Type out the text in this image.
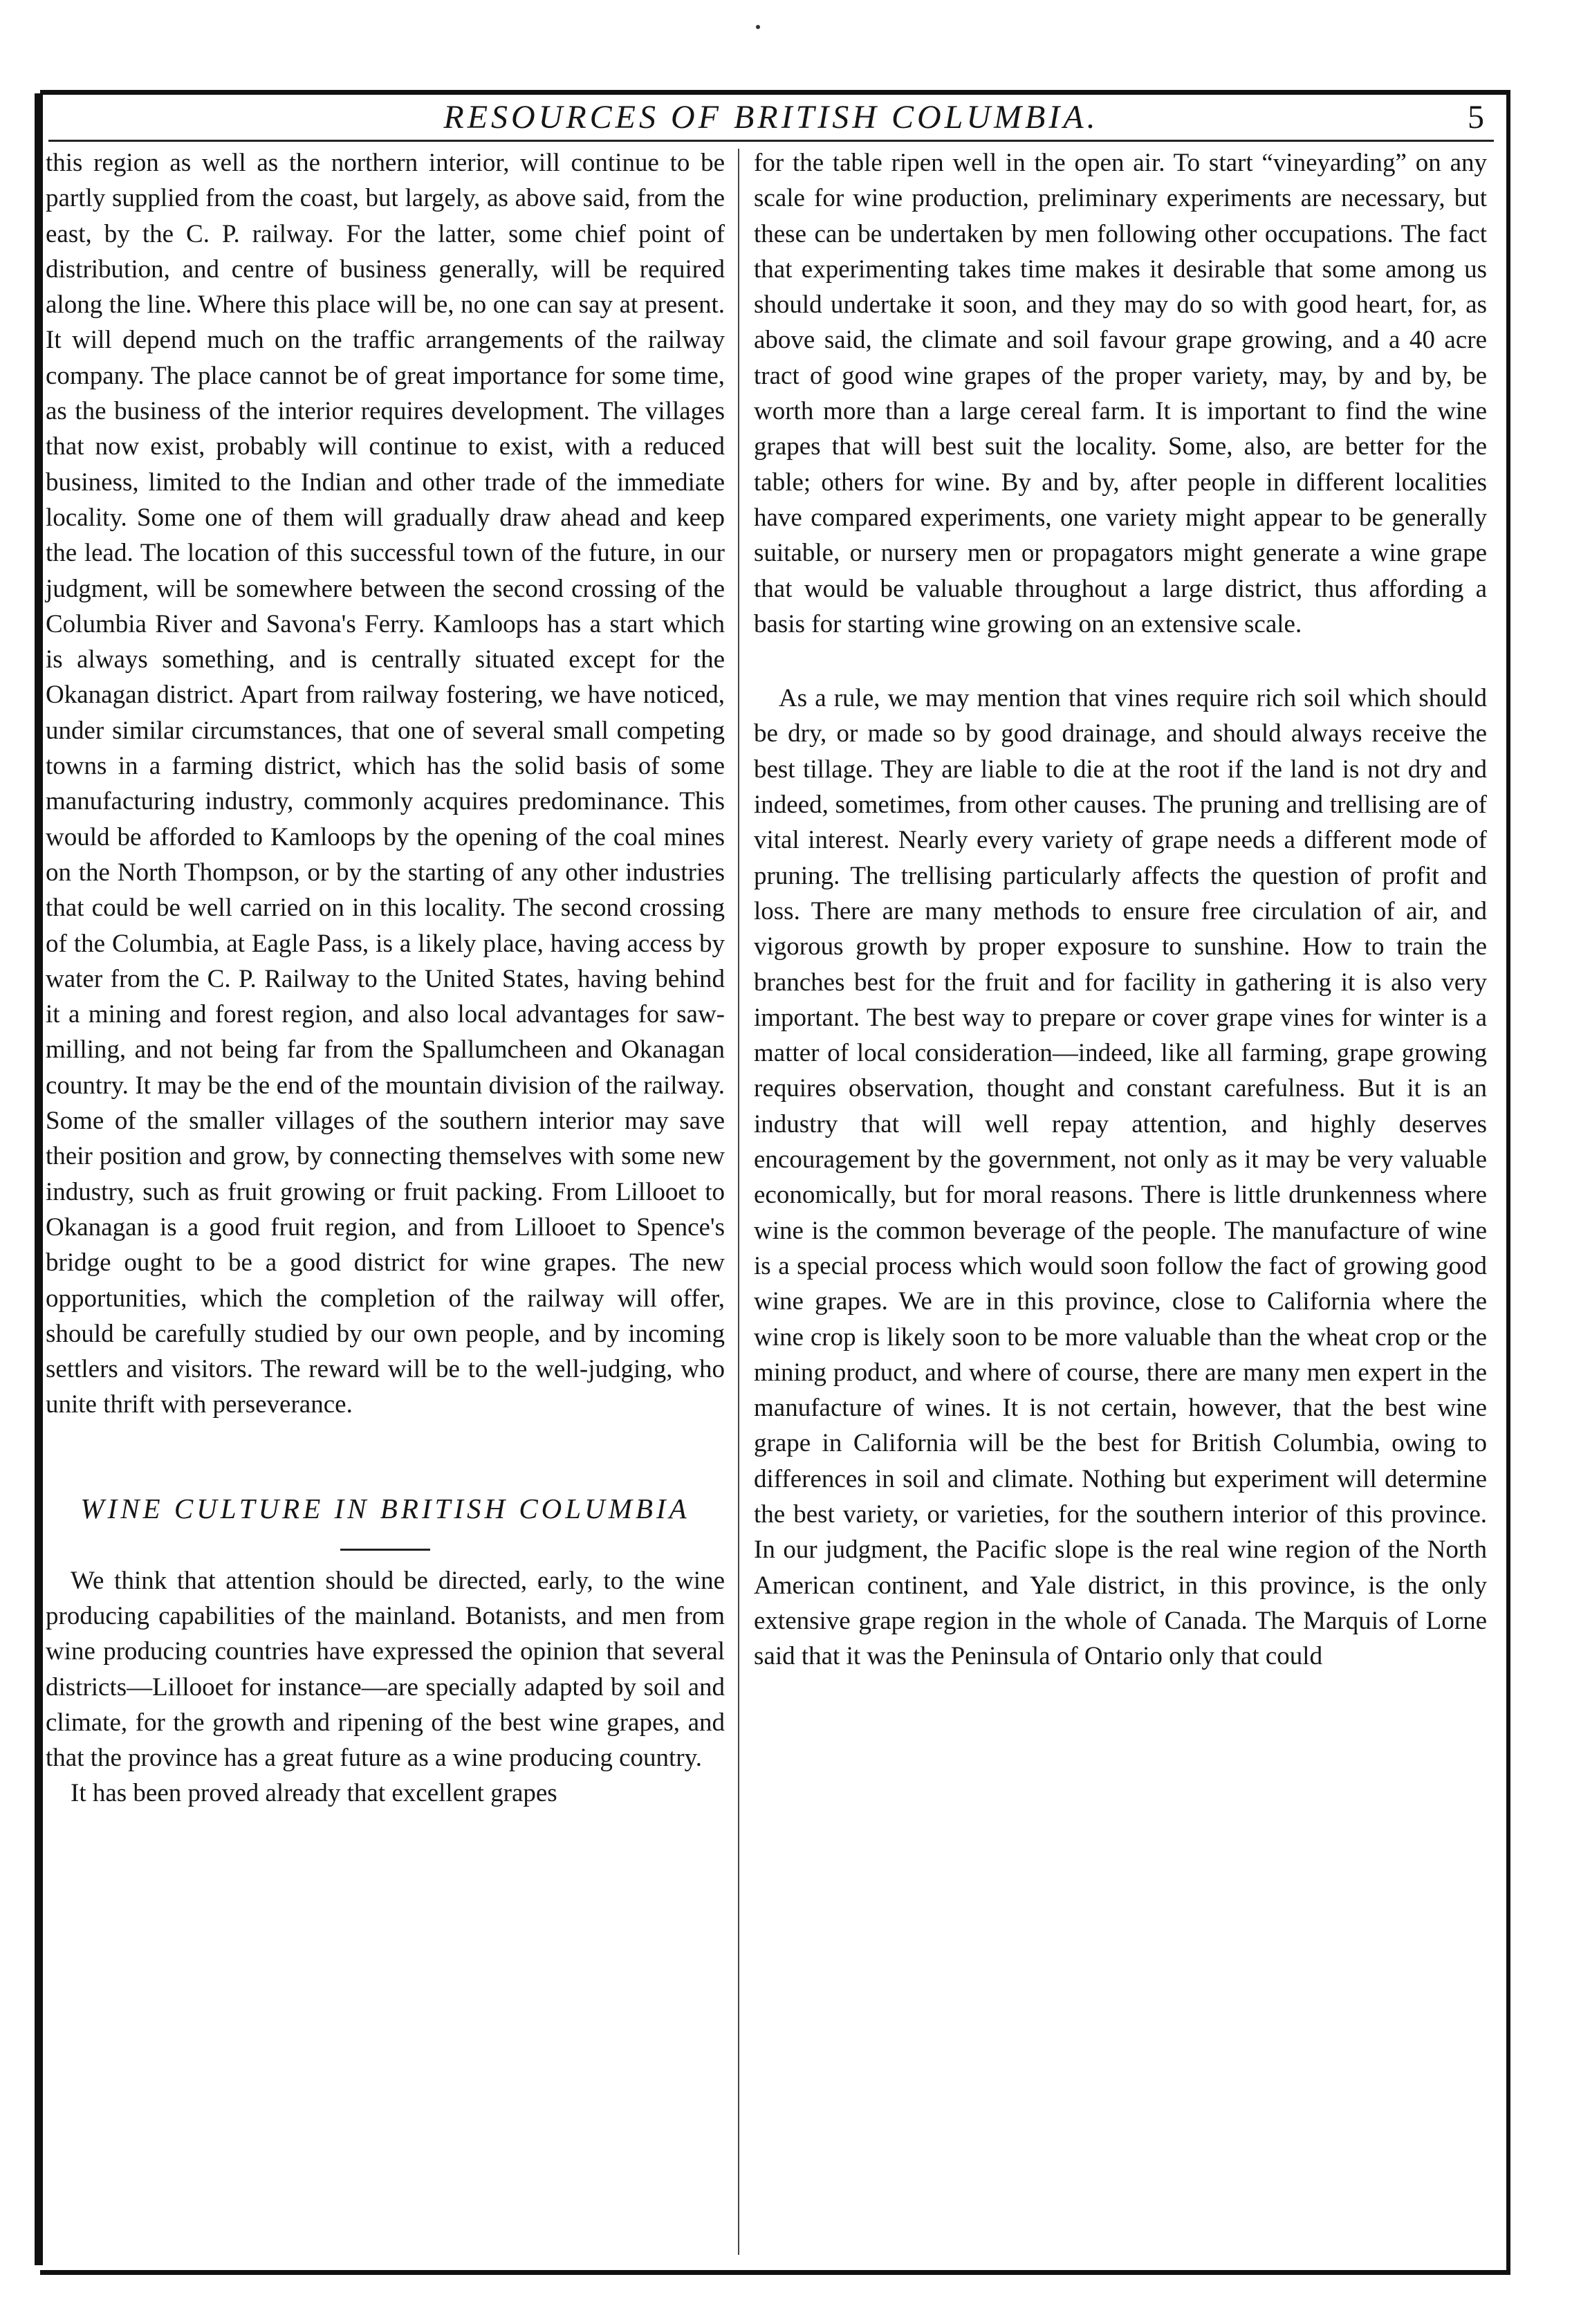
RESOURCES OF BRITISH COLUMBIA.	5

this region as well as the northern interior, will continue to be partly supplied from the coast, but largely, as above said, from the east, by the C. P. railway. For the latter, some chief point of distribution, and centre of business generally, will be required along the line. Where this place will be, no one can say at present. It will depend much on the traffic arrangements of the railway company. The place cannot be of great importance for some time, as the business of the interior requires development. The villages that now exist, probably will continue to exist, with a reduced business, limited to the Indian and other trade of the immediate locality. Some one of them will gradually draw ahead and keep the lead. The location of this successful town of the future, in our judgment, will be somewhere between the second crossing of the Columbia River and Savona's Ferry. Kamloops has a start which is always something, and is centrally situated except for the Okanagan district. Apart from railway fostering, we have noticed, under similar circumstances, that one of several small competing towns in a farming district, which has the solid basis of some manufacturing industry, commonly acquires predominance. This would be afforded to Kamloops by the opening of the coal mines on the North Thompson, or by the starting of any other industries that could be well carried on in this locality. The second crossing of the Columbia, at Eagle Pass, is a likely place, having access by water from the C. P. Railway to the United States, having behind it a mining and forest region, and also local advantages for saw-milling, and not being far from the Spallumcheen and Okanagan country. It may be the end of the mountain division of the railway. Some of the smaller villages of the southern interior may save their position and grow, by connecting themselves with some new industry, such as fruit growing or fruit packing. From Lillooet to Okanagan is a good fruit region, and from Lillooet to Spence's bridge ought to be a good district for wine grapes. The new opportunities, which the completion of the railway will offer, should be carefully studied by our own people, and by incoming settlers and visitors. The reward will be to the well-judging, who unite thrift with perseverance.

WINE CULTURE IN BRITISH COLUMBIA

We think that attention should be directed, early, to the wine producing capabilities of the mainland. Botanists, and men from wine producing countries have expressed the opinion that several districts—Lillooet for instance—are specially adapted by soil and climate, for the growth and ripening of the best wine grapes, and that the province has a great future as a wine producing country.

It has been proved already that excellent grapes

for the table ripen well in the open air. To start “vineyarding” on any scale for wine production, preliminary experiments are necessary, but these can be undertaken by men following other occupations. The fact that experimenting takes time makes it desirable that some among us should undertake it soon, and they may do so with good heart, for, as above said, the climate and soil favour grape growing, and a 40 acre tract of good wine grapes of the proper variety, may, by and by, be worth more than a large cereal farm. It is important to find the wine grapes that will best suit the locality. Some, also, are better for the table; others for wine. By and by, after people in different localities have compared experiments, one variety might appear to be generally suitable, or nursery men or propagators might generate a wine grape that would be valuable throughout a large district, thus affording a basis for starting wine growing on an extensive scale.

As a rule, we may mention that vines require rich soil which should be dry, or made so by good drainage, and should always receive the best tillage. They are liable to die at the root if the land is not dry and indeed, sometimes, from other causes. The pruning and trellising are of vital interest. Nearly every variety of grape needs a different mode of pruning. The trellising particularly affects the question of profit and loss. There are many methods to ensure free circulation of air, and vigorous growth by proper exposure to sunshine. How to train the branches best for the fruit and for facility in gathering it is also very important. The best way to prepare or cover grape vines for winter is a matter of local consideration—indeed, like all farming, grape growing requires observation, thought and constant carefulness. But it is an industry that will well repay attention, and highly deserves encouragement by the government, not only as it may be very valuable economically, but for moral reasons. There is little drunkenness where wine is the common beverage of the people. The manufacture of wine is a special process which would soon follow the fact of growing good wine grapes. We are in this province, close to California where the wine crop is likely soon to be more valuable than the wheat crop or the mining product, and where of course, there are many men expert in the manufacture of wines. It is not certain, however, that the best wine grape in California will be the best for British Columbia, owing to differences in soil and climate. Nothing but experiment will determine the best variety, or varieties, for the southern interior of this province. In our judgment, the Pacific slope is the real wine region of the North American continent, and Yale district, in this province, is the only extensive grape region in the whole of Canada. The Marquis of Lorne said that it was the Peninsula of Ontario only that could
